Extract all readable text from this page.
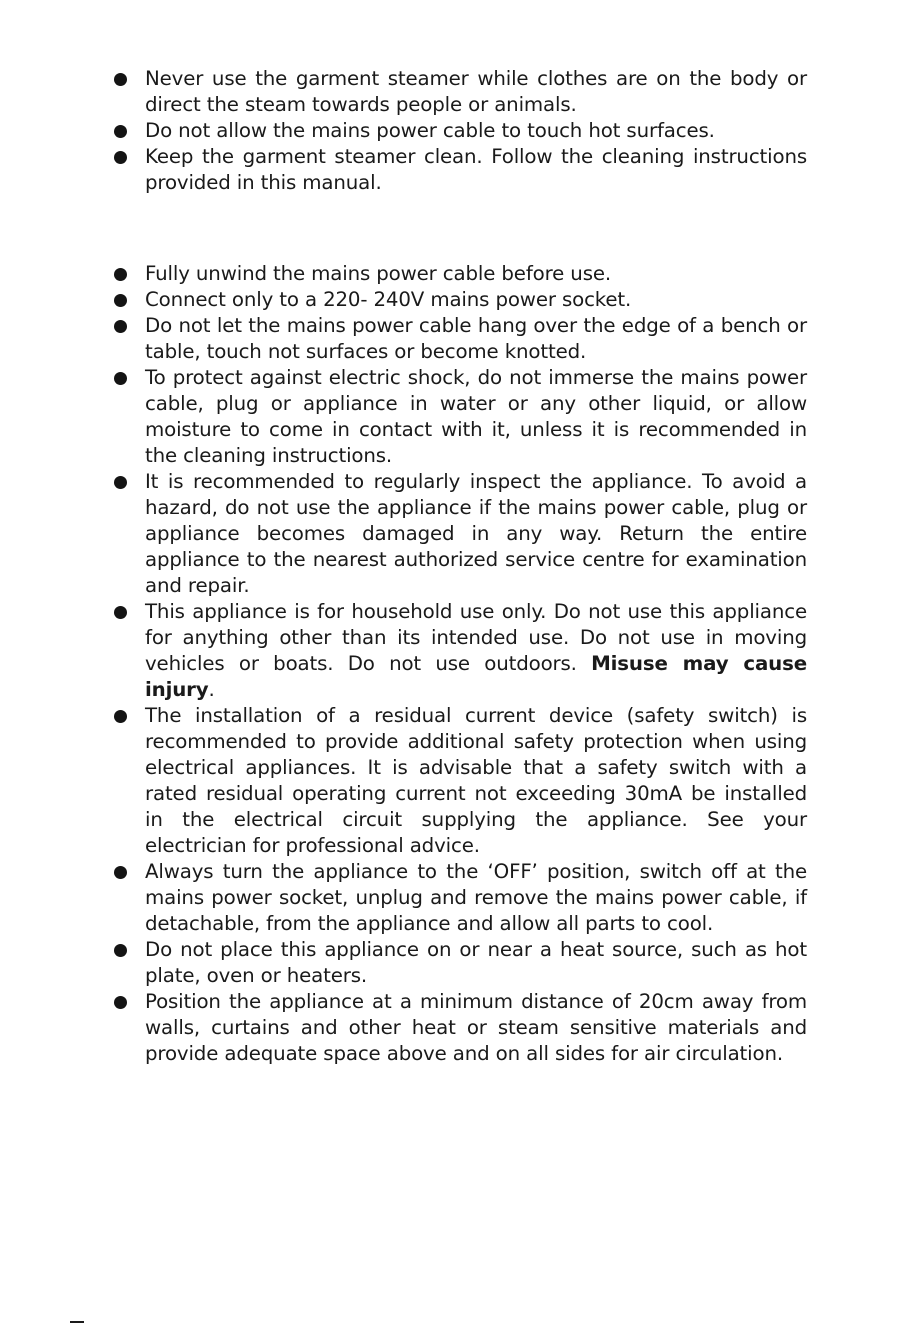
Never use the garment steamer while clothes are on the body or direct the steam towards people or animals.
Do not allow the mains power cable to touch hot surfaces.
Keep the garment steamer clean. Follow the cleaning instructions provided in this manual.
Fully unwind the mains power cable before use.
Connect only to a 220- 240V mains power socket.
Do not let the mains power cable hang over the edge of a bench or table, touch not surfaces or become knotted.
To protect against electric shock, do not immerse the mains power cable, plug or appliance in water or any other liquid, or allow moisture to come in contact with it, unless it is recommended in the cleaning instructions.
It is recommended to regularly inspect the appliance. To avoid a hazard, do not use the appliance if the mains power cable, plug or appliance becomes damaged in any way. Return the entire appliance to the nearest authorized service centre for examination and repair.
This appliance is for household use only. Do not use this appliance for anything other than its intended use. Do not use in moving vehicles or boats. Do not use outdoors. Misuse may cause injury.
The installation of a residual current device (safety switch) is recommended to provide additional safety protection when using electrical appliances. It is advisable that a safety switch with a rated residual operating current not exceeding 30mA be installed in the electrical circuit supplying the appliance. See your electrician for professional advice.
Always turn the appliance to the ‘OFF’ position, switch off at the mains power socket, unplug and remove the mains power cable, if detachable, from the appliance and allow all parts to cool.
Do not place this appliance on or near a heat source, such as hot plate, oven or heaters.
Position the appliance at a minimum distance of 20cm away from walls, curtains and other heat or steam sensitive materials and provide adequate space above and on all sides for air circulation.
